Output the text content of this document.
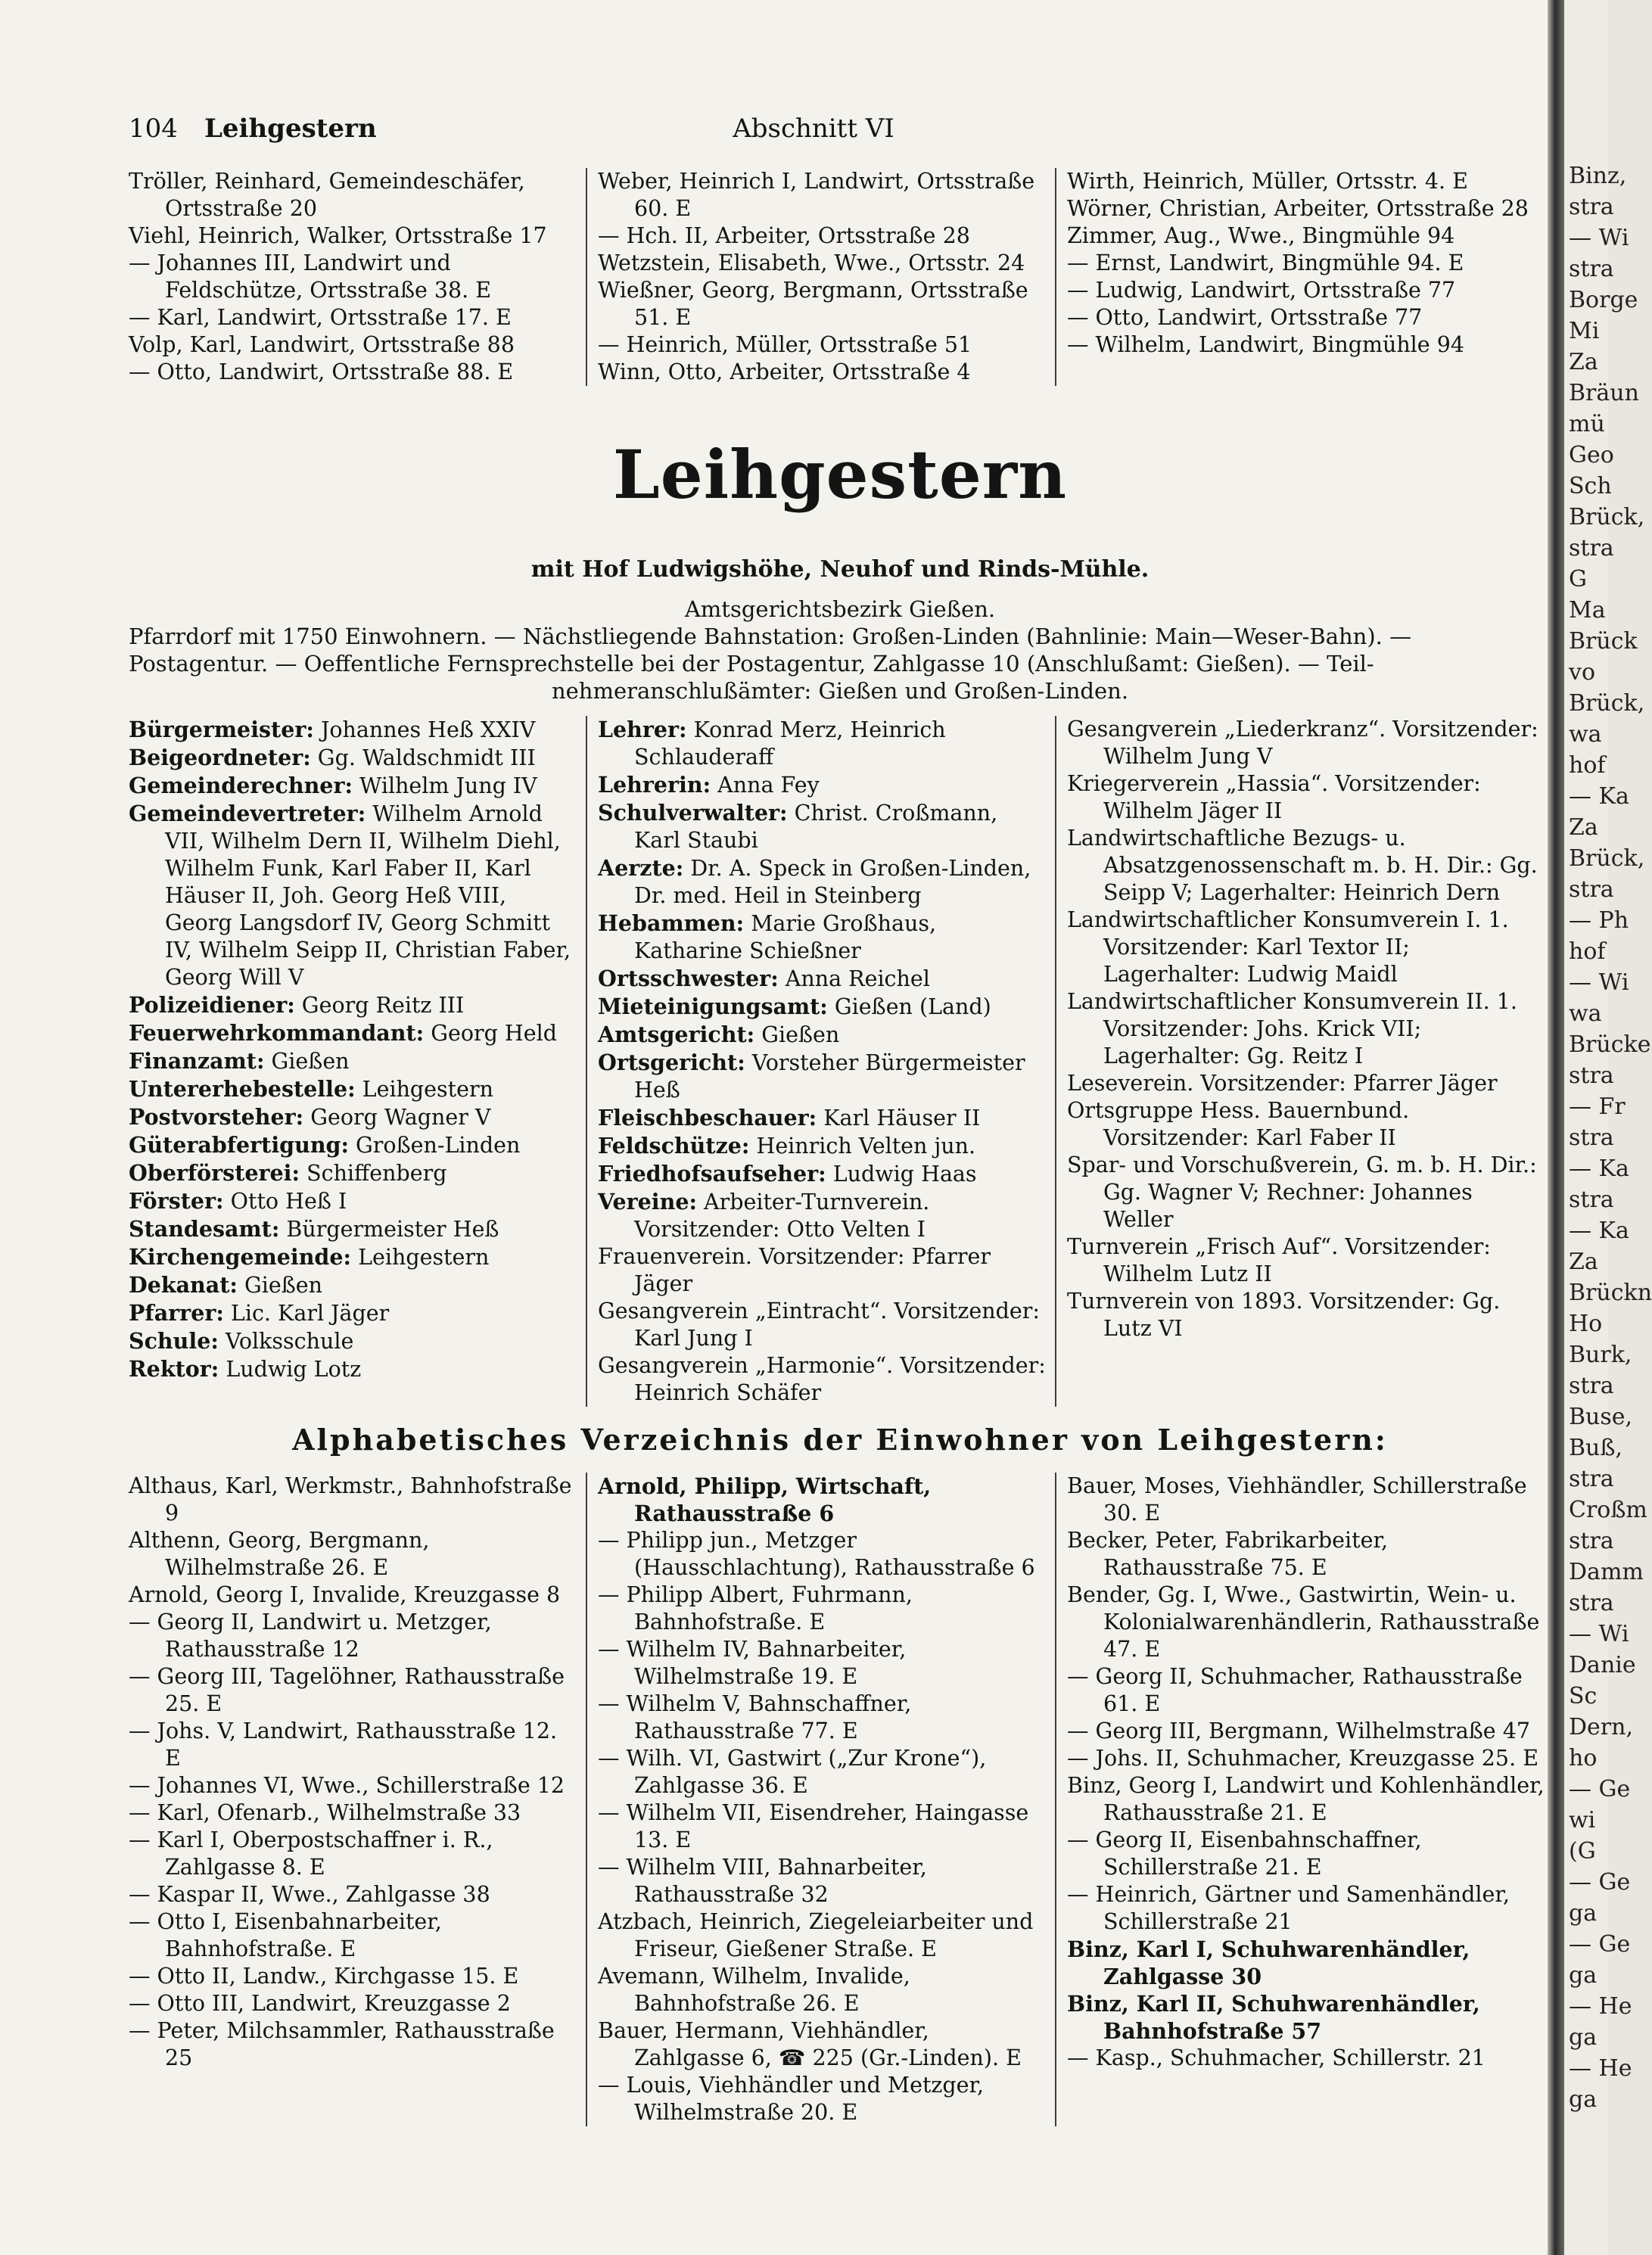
104 Leihgestern	Abschnitt VI

Tröller, Reinhard, Gemeindeschäfer, Ortsstraße 20

Viehl, Heinrich, Walker, Ortsstraße 17

— Johannes III, Landwirt und Feldschütze, Ortsstraße 38. E

— Karl, Landwirt, Ortsstraße 17. E

Volp, Karl, Landwirt, Ortsstraße 88

— Otto, Landwirt, Ortsstraße 88. E

Weber, Heinrich I, Landwirt, Ortsstraße 60. E

— Hch. II, Arbeiter, Ortsstraße 28

Wetzstein, Elisabeth, Wwe., Ortsstr. 24

Wießner, Georg, Bergmann, Ortsstraße 51. E

— Heinrich, Müller, Ortsstraße 51

Winn, Otto, Arbeiter, Ortsstraße 4

Wirth, Heinrich, Müller, Ortsstr. 4. E

Wörner, Christian, Arbeiter, Ortsstraße 28

Zimmer, Aug., Wwe., Bingmühle 94

— Ernst, Landwirt, Bingmühle 94. E

— Ludwig, Landwirt, Ortsstraße 77

— Otto, Landwirt, Ortsstraße 77

— Wilhelm, Landwirt, Bingmühle 94

Leihgestern
mit Hof Ludwigshöhe, Neuhof und Rinds-Mühle.
Amtsgerichtsbezirk Gießen.
Pfarrdorf mit 1750 Einwohnern. — Nächstliegende Bahnstation: Großen-Linden (Bahnlinie: Main—Weser-Bahn). —
Postagentur. — Oeffentliche Fernsprechstelle bei der Postagentur, Zahlgasse 10 (Anschlußamt: Gießen). — Teil-
nehmeranschlußämter: Gießen und Großen-Linden.

Bürgermeister: Johannes Heß XXIV

Beigeordneter: Gg. Waldschmidt III

Gemeinderechner: Wilhelm Jung IV

Gemeindevertreter: Wilhelm Arnold VII, Wilhelm Dern II, Wilhelm Diehl, Wilhelm Funk, Karl Faber II, Karl Häuser II, Joh. Georg Heß VIII, Georg Langsdorf IV, Georg Schmitt IV, Wilhelm Seipp II, Christian Faber, Georg Will V

Polizeidiener: Georg Reitz III

Feuerwehrkommandant: Georg Held

Finanzamt: Gießen

Untererhebestelle: Leihgestern

Postvorsteher: Georg Wagner V

Güterabfertigung: Großen-Linden

Oberförsterei: Schiffenberg

Förster: Otto Heß I

Standesamt: Bürgermeister Heß

Kirchengemeinde: Leihgestern

Dekanat: Gießen

Pfarrer: Lic. Karl Jäger

Schule: Volksschule

Rektor: Ludwig Lotz

Lehrer: Konrad Merz, Heinrich Schlauderaff

Lehrerin: Anna Fey

Schulverwalter: Christ. Croßmann, Karl Staubi

Aerzte: Dr. A. Speck in Großen-Linden, Dr. med. Heil in Steinberg

Hebammen: Marie Großhaus, Katharine Schießner

Ortsschwester: Anna Reichel

Mieteinigungsamt: Gießen (Land)

Amtsgericht: Gießen

Ortsgericht: Vorsteher Bürgermeister Heß

Fleischbeschauer: Karl Häuser II

Feldschütze: Heinrich Velten jun.

Friedhofsaufseher: Ludwig Haas

Vereine: Arbeiter-Turnverein. Vorsitzender: Otto Velten I

Frauenverein. Vorsitzender: Pfarrer Jäger

Gesangverein „Eintracht“. Vorsitzender: Karl Jung I

Gesangverein „Harmonie“. Vorsitzender: Heinrich Schäfer

Gesangverein „Liederkranz“. Vorsitzender: Wilhelm Jung V

Kriegerverein „Hassia“. Vorsitzender: Wilhelm Jäger II

Landwirtschaftliche Bezugs- u. Absatzgenossenschaft m. b. H. Dir.: Gg. Seipp V; Lagerhalter: Heinrich Dern

Landwirtschaftlicher Konsumverein I. 1. Vorsitzender: Karl Textor II; Lagerhalter: Ludwig Maidl

Landwirtschaftlicher Konsumverein II. 1. Vorsitzender: Johs. Krick VII; Lagerhalter: Gg. Reitz I

Leseverein. Vorsitzender: Pfarrer Jäger

Ortsgruppe Hess. Bauernbund. Vorsitzender: Karl Faber II

Spar- und Vorschußverein, G. m. b. H. Dir.: Gg. Wagner V; Rechner: Johannes Weller

Turnverein „Frisch Auf“. Vorsitzender: Wilhelm Lutz II

Turnverein von 1893. Vorsitzender: Gg. Lutz VI

Alphabetisches Verzeichnis der Einwohner von Leihgestern:

Althaus, Karl, Werkmstr., Bahnhofstraße 9

Althenn, Georg, Bergmann, Wilhelmstraße 26. E

Arnold, Georg I, Invalide, Kreuzgasse 8

— Georg II, Landwirt u. Metzger, Rathausstraße 12

— Georg III, Tagelöhner, Rathausstraße 25. E

— Johs. V, Landwirt, Rathausstraße 12. E

— Johannes VI, Wwe., Schillerstraße 12

— Karl, Ofenarb., Wilhelmstraße 33

— Karl I, Oberpostschaffner i. R., Zahlgasse 8. E

— Kaspar II, Wwe., Zahlgasse 38

— Otto I, Eisenbahnarbeiter, Bahnhofstraße. E

— Otto II, Landw., Kirchgasse 15. E

— Otto III, Landwirt, Kreuzgasse 2

— Peter, Milchsammler, Rathausstraße 25

Arnold, Philipp, Wirtschaft, Rathausstraße 6

— Philipp jun., Metzger (Hausschlachtung), Rathausstraße 6

— Philipp Albert, Fuhrmann, Bahnhofstraße. E

— Wilhelm IV, Bahnarbeiter, Wilhelmstraße 19. E

— Wilhelm V, Bahnschaffner, Rathausstraße 77. E

— Wilh. VI, Gastwirt („Zur Krone“), Zahlgasse 36. E

— Wilhelm VII, Eisendreher, Haingasse 13. E

— Wilhelm VIII, Bahnarbeiter, Rathausstraße 32

Atzbach, Heinrich, Ziegeleiarbeiter und Friseur, Gießener Straße. E

Avemann, Wilhelm, Invalide, Bahnhofstraße 26. E

Bauer, Hermann, Viehhändler, Zahlgasse 6, ☎ 225 (Gr.-Linden). E

— Louis, Viehhändler und Metzger, Wilhelmstraße 20. E

Bauer, Moses, Viehhändler, Schillerstraße 30. E

Becker, Peter, Fabrikarbeiter, Rathausstraße 75. E

Bender, Gg. I, Wwe., Gastwirtin, Wein- u. Kolonialwarenhändlerin, Rathausstraße 47. E

— Georg II, Schuhmacher, Rathausstraße 61. E

— Georg III, Bergmann, Wilhelmstraße 47

— Johs. II, Schuhmacher, Kreuzgasse 25. E

Binz, Georg I, Landwirt und Kohlenhändler, Rathausstraße 21. E

— Georg II, Eisenbahnschaffner, Schillerstraße 21. E

— Heinrich, Gärtner und Samenhändler, Schillerstraße 21

Binz, Karl I, Schuhwarenhändler, Zahlgasse 30

Binz, Karl II, Schuhwarenhändler, Bahnhofstraße 57

— Kasp., Schuhmacher, Schillerstr. 21

Binz,
stra
— Wi
stra
Borge
Mi
Za
Bräun
mü
Geo
Sch
Brück,
stra
G
Ma
Brück
vo
Brück,
wa
hof
— Ka
Za
Brück,
stra
— Ph
hof
— Wi
wa
Brücke
stra
— Fr
stra
— Ka
stra
— Ka
Za
Brückn
Ho
Burk,
stra
Buse,
Buß,
stra
Croßm
stra
Damm
stra
— Wi
Danie
Sc
Dern,
ho
— Ge
wi
(G
— Ge
ga
— Ge
ga
— He
ga
— He
ga
